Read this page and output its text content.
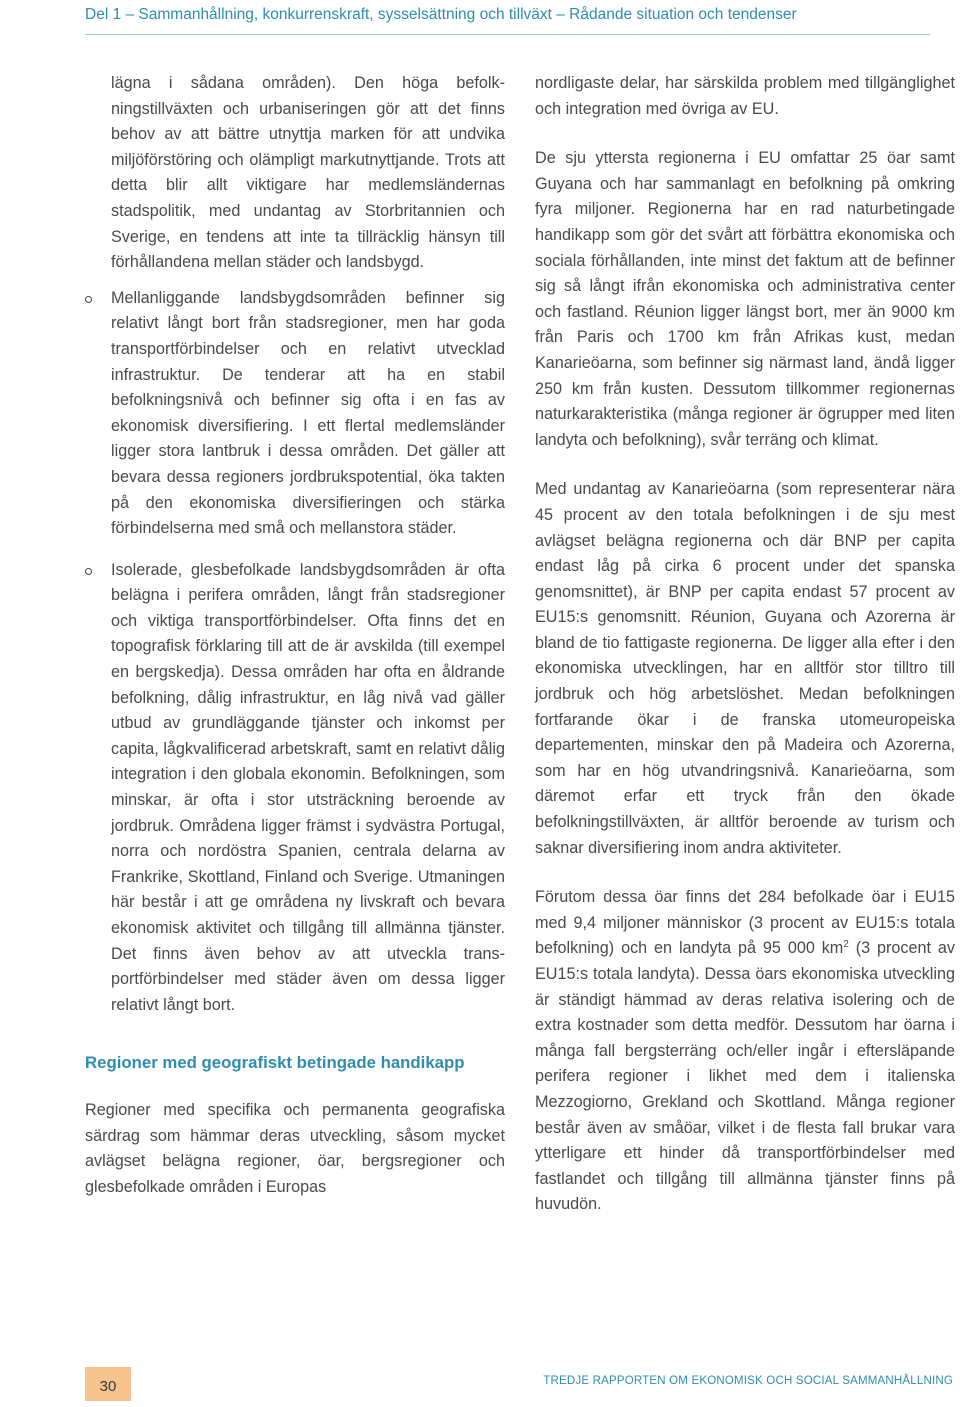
Del 1 – Sammanhållning, konkurrenskraft, sysselsättning och tillväxt – Rådande situation och tendenser

lägna i sådana områden). Den höga befolkningstillväxten och urbaniseringen gör att det finns behov av att bättre utnyttja marken för att undvika miljöförstöring och olämpligt markutnyttjande. Trots att detta blir allt viktigare har medlemsländernas stadspolitik, med undantag av Storbritannien och Sverige, en tendens att inte ta tillräcklig hänsyn till förhållandena mellan städer och landsbygd.

Mellanliggande landsbygdsområden befinner sig relativt långt bort från stadsregioner, men har goda transportförbindelser och en relativt utvecklad infrastruktur. De tenderar att ha en stabil befolkningsnivå och befinner sig ofta i en fas av ekonomisk diversifiering. I ett flertal medlemsländer ligger stora lantbruk i dessa områden. Det gäller att bevara dessa regioners jordbrukspotential, öka takten på den ekonomiska diversifieringen och stärka förbindelserna med små och mellanstora städer.
Isolerade, glesbefolkade landsbygdsområden är ofta belägna i perifera områden, långt från stadsregioner och viktiga transportförbindelser. Ofta finns det en topografisk förklaring till att de är avskilda (till exempel en bergskedja). Dessa områden har ofta en åldrande befolkning, dålig infrastruktur, en låg nivå vad gäller utbud av grundläggande tjänster och inkomst per capita, lågkvalificerad arbetskraft, samt en relativt dålig integration i den globala ekonomin. Befolkningen, som minskar, är ofta i stor utsträckning beroende av jordbruk. Områdena ligger främst i sydvästra Portugal, norra och nordöstra Spanien, centrala delarna av Frankrike, Skottland, Finland och Sverige. Utmaningen här består i att ge områdena ny livskraft och bevara ekonomisk aktivitet och tillgång till allmänna tjänster. Det finns även behov av att utveckla transportförbindelser med städer även om dessa ligger relativt långt bort.
Regioner med geografiskt betingade handikapp

Regioner med specifika och permanenta geografiska särdrag som hämmar deras utveckling, såsom mycket avlägset belägna regioner, öar, bergsregioner och glesbefolkade områden i Europas

nordligaste delar, har särskilda problem med tillgänglighet och integration med övriga av EU.

De sju yttersta regionerna i EU omfattar 25 öar samt Guyana och har sammanlagt en befolkning på omkring fyra miljoner. Regionerna har en rad naturbetingade handikapp som gör det svårt att förbättra ekonomiska och sociala förhållanden, inte minst det faktum att de befinner sig så långt ifrån ekonomiska och administrativa center och fastland. Réunion ligger längst bort, mer än 9000 km från Paris och 1700 km från Afrikas kust, medan Kanarieöarna, som befinner sig närmast land, ändå ligger 250 km från kusten. Dessutom tillkommer regionernas naturkarakteristika (många regioner är ögrupper med liten landyta och befolkning), svår terräng och klimat.

Med undantag av Kanarieöarna (som representerar nära 45 procent av den totala befolkningen i de sju mest avlägset belägna regionerna och där BNP per capita endast låg på cirka 6 procent under det spanska genomsnittet), är BNP per capita endast 57 procent av EU15:s genomsnitt. Réunion, Guyana och Azorerna är bland de tio fattigaste regionerna. De ligger alla efter i den ekonomiska utvecklingen, har en alltför stor tilltro till jordbruk och hög arbetslöshet. Medan befolkningen fortfarande ökar i de franska utomeuropeiska departementen, minskar den på Madeira och Azorerna, som har en hög utvandringsnivå. Kanarieöarna, som däremot erfar ett tryck från den ökade befolkningstillväxten, är alltför beroende av turism och saknar diversifiering inom andra aktiviteter.

Förutom dessa öar finns det 284 befolkade öar i EU15 med 9,4 miljoner människor (3 procent av EU15:s totala befolkning) och en landyta på 95 000 $km^2$ (3 procent av EU15:s totala landyta). Dessa öars ekonomiska utveckling är ständigt hämmad av deras relativa isolering och de extra kostnader som detta medför. Dessutom har öarna i många fall bergsterräng och/eller ingår i eftersläpande perifera regioner i likhet med dem i italienska Mezzogiorno, Grekland och Skottland. Många regioner består även av småöar, vilket i de flesta fall brukar vara ytterligare ett hinder då transportförbindelser med fastlandet och tillgång till allmänna tjänster finns på huvudön.

30	TREDJE RAPPORTEN OM EKONOMISK OCH SOCIAL SAMMANHÅLLNING
